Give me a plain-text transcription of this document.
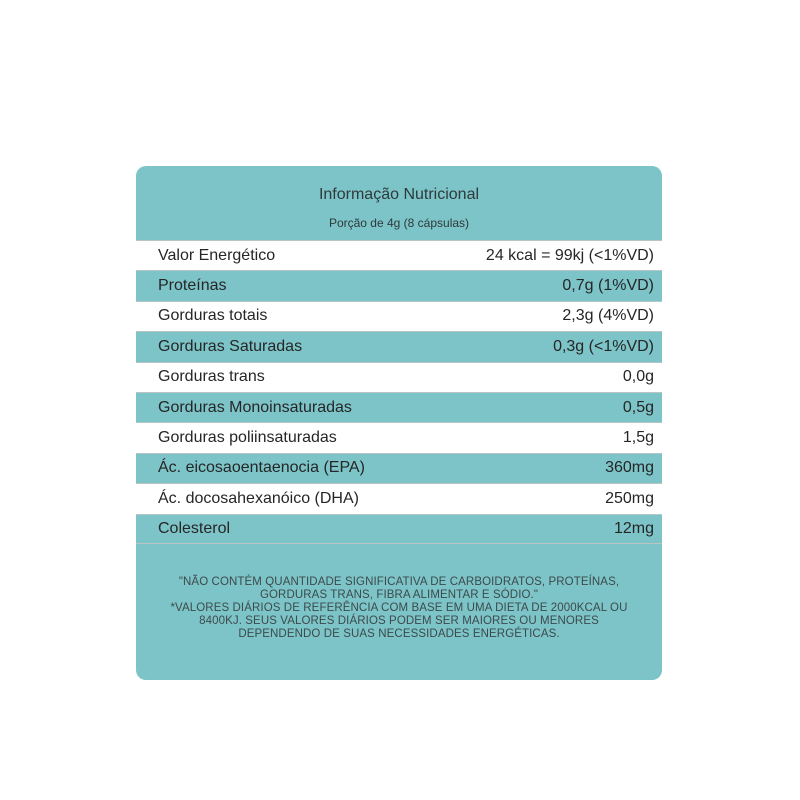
Informação Nutricional
Porção de 4g (8 cápsulas)
Valor Energético	24 kcal = 99kj (<1%VD)
Proteínas	0,7g (1%VD)
Gorduras totais	2,3g (4%VD)
Gorduras Saturadas	0,3g (<1%VD)
Gorduras trans	0,0g
Gorduras Monoinsaturadas	0,5g
Gorduras poliinsaturadas	1,5g
Ác. eicosaoentaenocia (EPA)	360mg
Ác. docosahexanóico (DHA)	250mg
Colesterol	12mg

"NÃO CONTÉM QUANTIDADE SIGNIFICATIVA DE CARBOIDRATOS, PROTEÍNAS, GORDURAS TRANS, FIBRA ALIMENTAR E SÓDIO."

*VALORES DIÁRIOS DE REFERÊNCIA COM BASE EM UMA DIETA DE 2000KCAL OU 8400KJ. SEUS VALORES DIÁRIOS PODEM SER MAIORES OU MENORES DEPENDENDO DE SUAS NECESSIDADES ENERGÉTICAS.
